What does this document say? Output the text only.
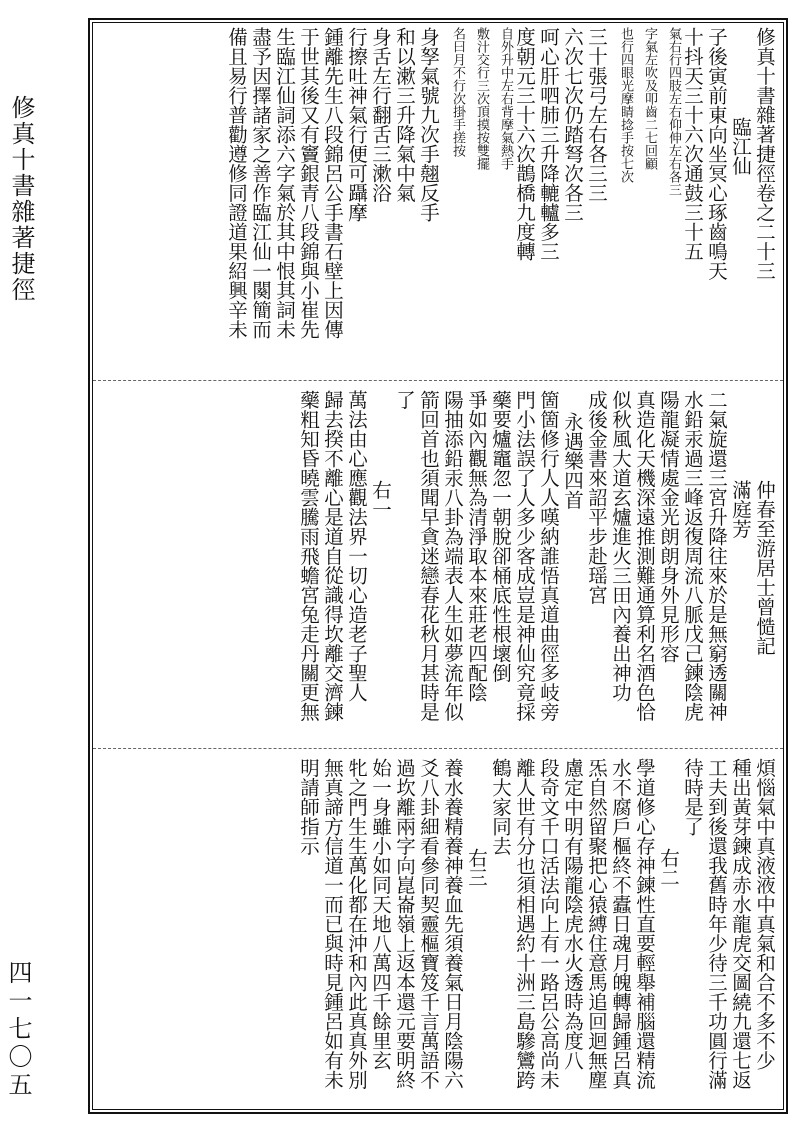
修真十書雜著捷徑
四一七〇五
修真十書雜著捷徑卷之二十三
臨江仙
子後寅前東向坐冥心琢齒鳴天
十抖天三十六次通鼓三十五
氣右行四肢左右仰伸左右各三
字氣左吹及叩齒二七回顧
也行四眼光摩睛捻手按七次
三十張弓左右各三三
六次七次仍踏弩次各三
呵心肝呬肺三升降轆轤多三
度朝元三十六次鵲橋九度轉
自外升中左右背摩氣熱手
敷汁交行三次頂摸按雙擺
名曰月不行次掛手搓按
身孥氣號九次手翹反手
和以漱三升降氣中氣
身舌左行翻舌三漱浴
行擦吐神氣行便可躡摩
鍾離先生八段錦呂公手書石壁上因傳
于世其後又有竇銀青八段錦與小崔先
生臨江仙詞添六字氣於其中恨其詞未
盡予因擇諸家之善作臨江仙一闋簡而
備且易行普勸遵修同證道果紹興辛未
仲春至游居士曾慥記
滿庭芳
二氣旋還三宮升降往來於是無窮透關神
水鉛汞過三峰返復周流八脈戊己鍊陰虎
陽龍凝情處金光朗朗身外見形容
真造化天機深遠推測難通算利名酒色恰
似秋風大道玄爐進火三田內養出神功
成後金書來詔平步赴瑶宮
永遇樂四首
箇箇修行人人嘆納誰悟真道曲徑多岐旁
門小法誤了人多少客成豈是神仙究竟採
藥要爐竈忽一朝脫卻桶底性根壞倒
爭如內觀無為清淨取本來莊老四配陰
陽抽添鉛汞八卦為端表人生如夢流年似
箭回首也須聞早貪迷戀春花秋月甚時是
了
右一
萬法由心應觀法界一切心造老子聖人
歸去揆不離心是道自從識得坎離交濟鍊
藥粗知昏曉雲騰雨飛蟾宮兔走丹關更無
煩惱氣中真液液中真氣和合不多不少
種出黃芽鍊成赤水龍虎交圖繞九還七返
工夫到後還我舊時年少待三千功圓行滿
待時是了
右二
學道修心存神鍊性直要輕舉補腦還精流
水不腐戶樞終不蠹日魂月魄轉歸鍾呂真
炁自然留聚把心猿縛住意馬追回迴無塵
慮定中明有陽龍陰虎水火透時為度八
段奇文千口活法向上有一路呂公高尚未
離人世有分也須相遇約十洲三島驂鸞跨
鶴大家同去
右三
養水養精養神養血先須養氣日月陰陽六
爻八卦細看參同契靈樞寶笈千言萬語不
過坎離兩字向崑崙嶺上返本還元要明終
始一身雖小如同天地八萬四千餘里玄
牝之門生生萬化都在沖和內此真真外別
無真諦方信道一而已與時見鍾呂如有未
明請師指示
